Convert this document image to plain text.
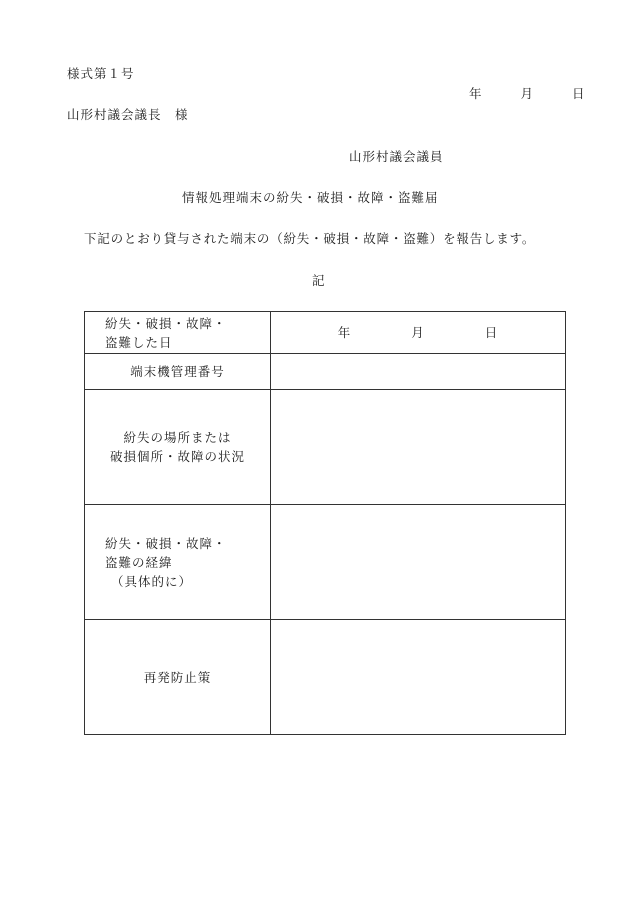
様式第１号
年	月	日
山形村議会議長　様
山形村議会議員
情報処理端末の紛失・破損・故障・盗難届
下記のとおり貸与された端末の（紛失・破損・故障・盗難）を報告します。
記
紛失・破損・故障・
盗難した日	年 月 日
端末機管理番号	

紛失の場所または
破損個所・故障の状況	

紛失・破損・故障・
盗難の経緯
（具体的に）	

再発防止策	
